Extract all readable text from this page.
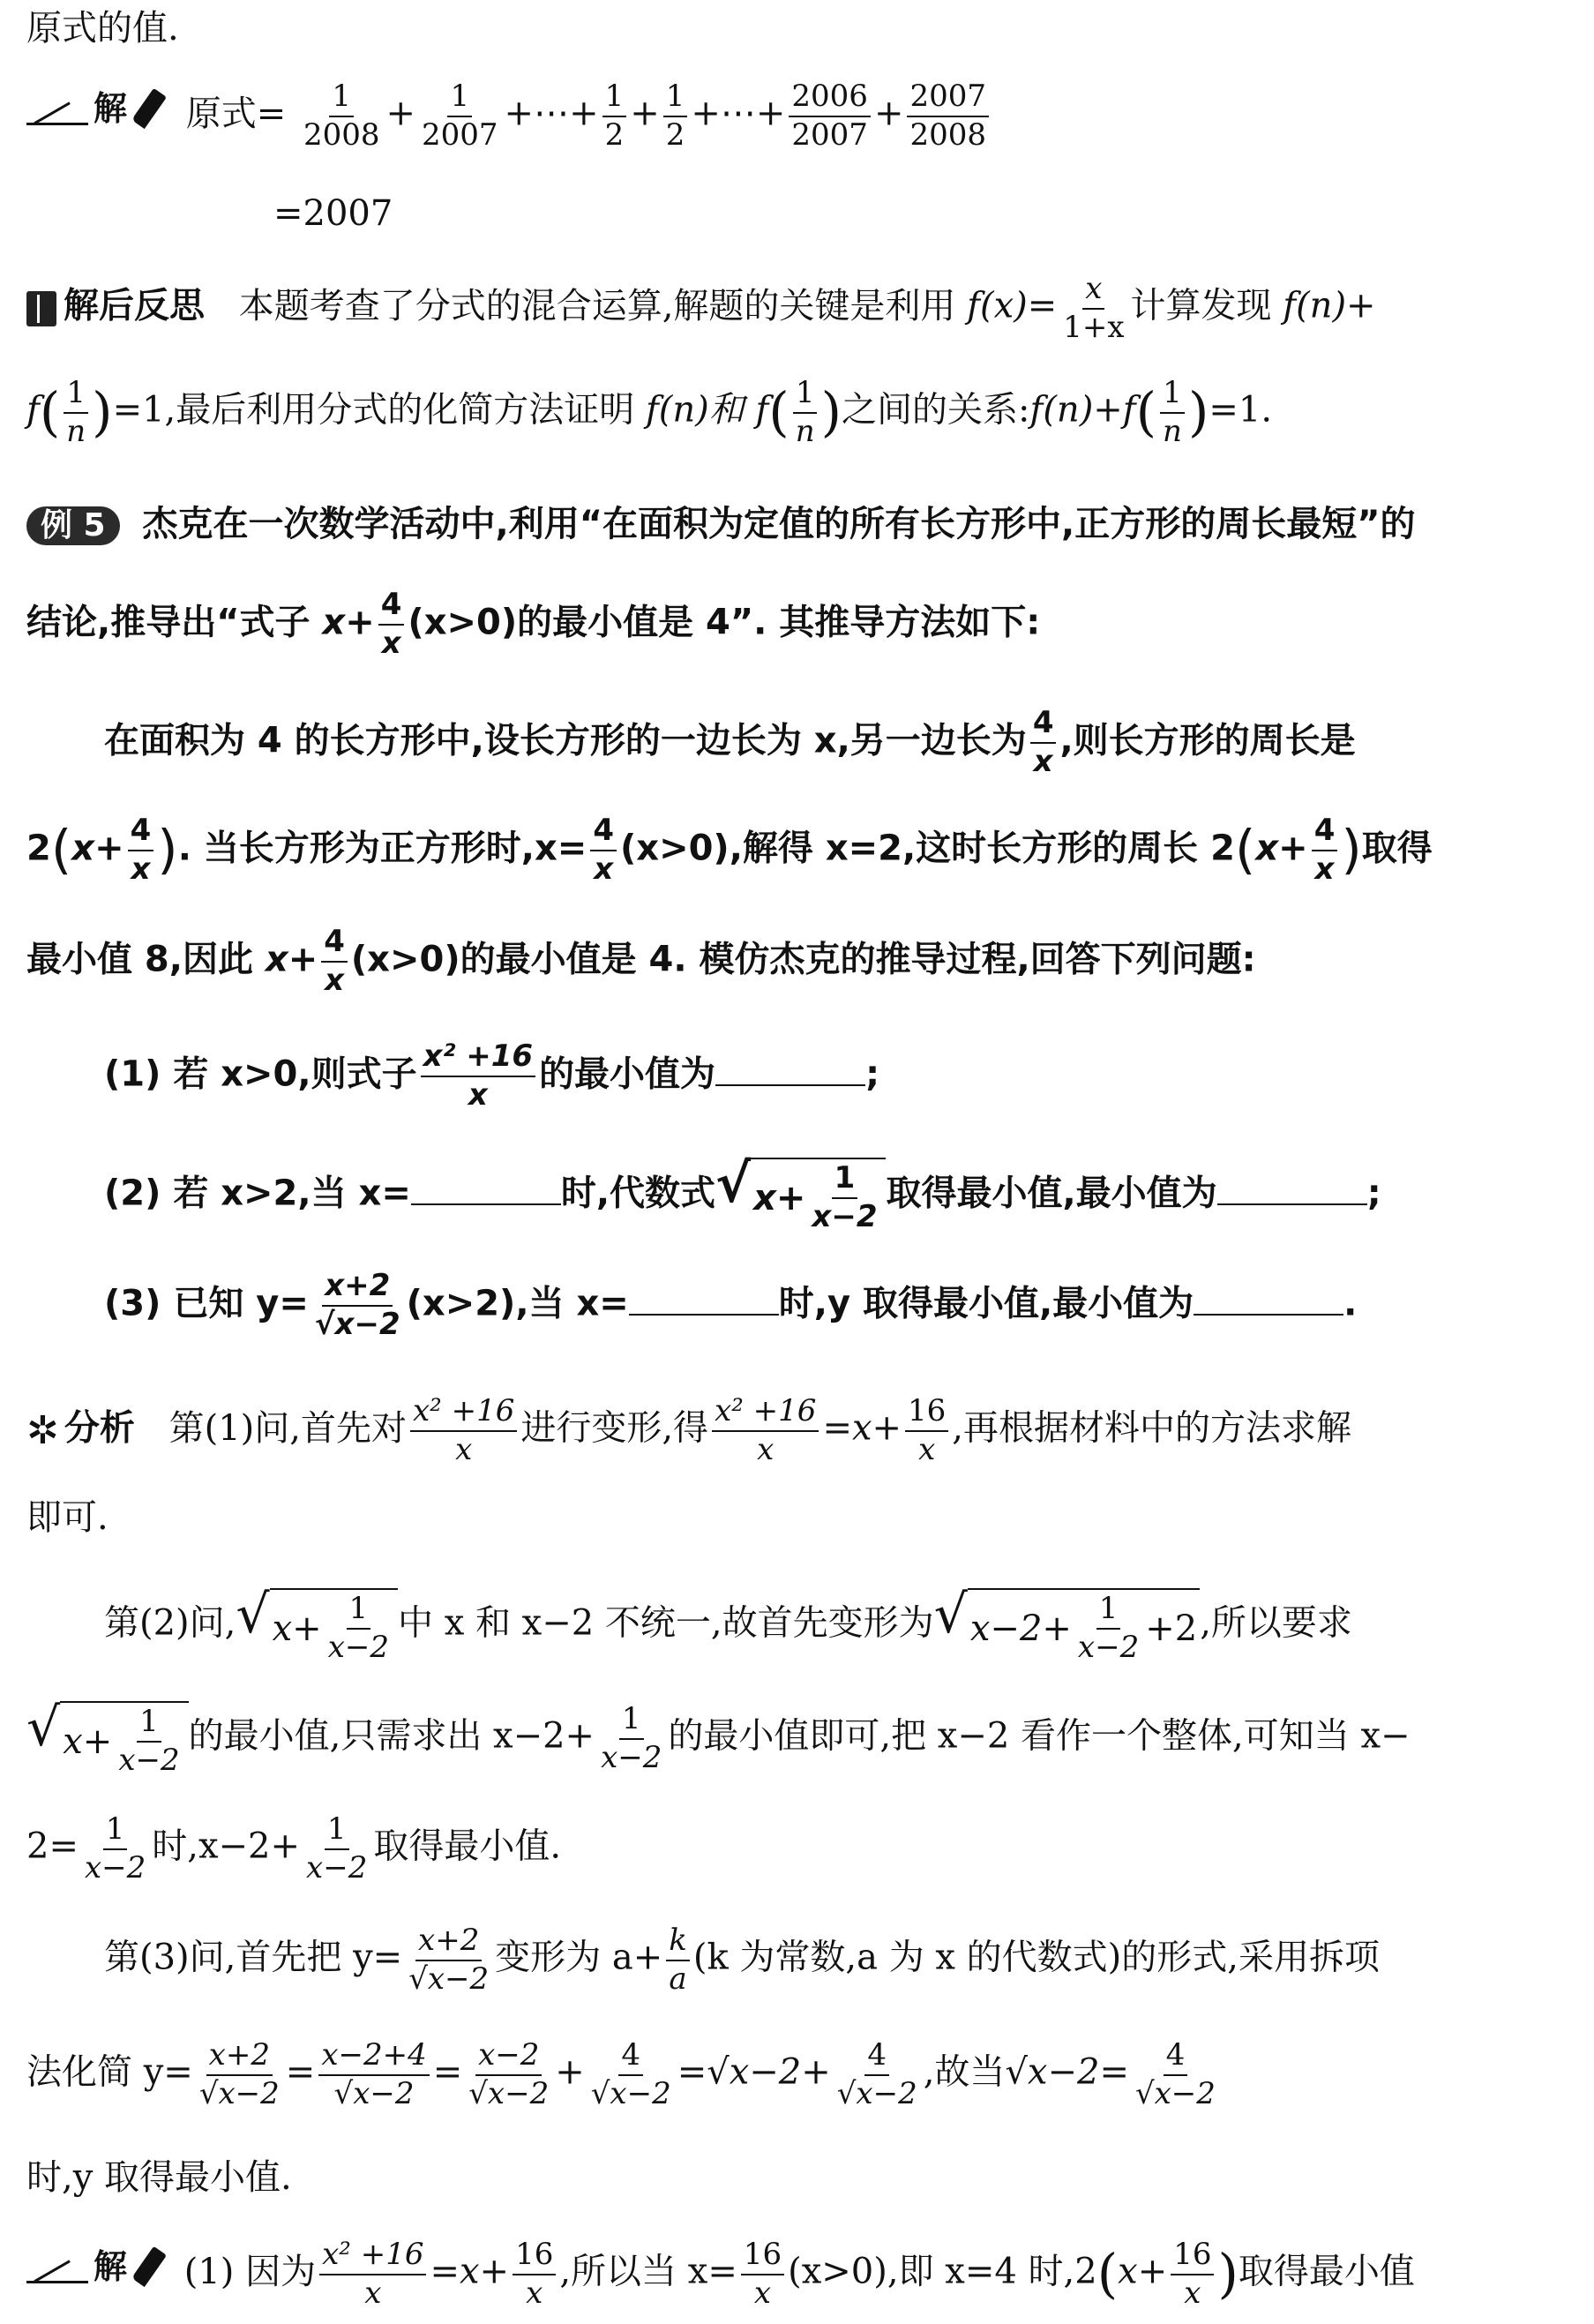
原式的值.
解 原式= $\frac{1}{2008} + \frac{1}{2007}$ +⋯+ $\frac{1}{2} + \frac{1}{2}$ +⋯+ $\frac{2006}{2007} + \frac{2007}{2008}$
=2007
解后反思 本题考查了分式的混合运算,解题的关键是利用 $f(x)= \frac{x}{1+x}$ 计算发现 f(n)+
$f( \frac{1}{n} )=1$,最后利用分式的化简方法证明 f(n)和 $f( \frac{1}{n}$ )之间的关系:f(n)+f( $\frac{1}{n} )=1$.
例 5 杰克在一次数学活动中,利用“在面积为定值的所有长方形中,正方形的周长最短”的
结论,推导出“式子 $x+ \frac{4}{x} (x>0)$的最小值是 4”. 其推导方法如下:
在面积为 4 的长方形中,设长方形的一边长为 x,另一边长为 $\frac{4}{x}$ ,则长方形的周长是
$2(x+ \frac{4}{x}$ ). 当长方形为正方形时$,x= \frac{4}{x} (x>0)$,解得 x=2,这时长方形的周长 $2(x+ \frac{4}{x}$ )取得
最小值 8,因此 $x+ \frac{4}{x} (x>0)$的最小值是 4. 模仿杰克的推导过程,回答下列问题:
(1) 若 x>0,则式子 $\frac{\text{x² +16}}{x}$ 的最小值为	;
(2) 若 x>2,当 x=	时,代数式 √ $x+ \frac{1}{x-2}$ 取得最小值,最小值为	;
(3) 已知 $y= \frac{x+2}{√x-2} (x>2)$,当 x=	时,y 取得最小值,最小值为	.
✲ 分析 第(1)问,首先对 $\frac{\text{x² +16}}{x}$ 进行变形,得 $\frac{\text{x² +16}}{x} =x+ \frac{16}{x}$ ,再根据材料中的方法求解
即可.
第(2)问, √ $x+ \frac{1}{x-2}$ 中 x 和 x−2 不统一,故首先变形为 √ $x-2+ \frac{1}{x-2} +2$ ,所以要求
√ $x+ \frac{1}{x-2}$ 的最小值,只需求出 $x-2+ \frac{1}{x-2}$ 的最小值即可,把 x−2 看作一个整体,可知当 x−
$2= \frac{1}{x-2}$ 时$,x-2+ \frac{1}{x-2}$ 取得最小值.
第(3)问,首先把 $y= \frac{x+2}{√x-2}$ 变形为 $a+ \frac{k}{a} (k$ 为常数,a 为 x 的代数式)的形式,采用拆项
法化简 $y= \frac{x+2}{√x-2} = \frac{x-2+4}{√x-2} = \frac{x-2}{√x-2} + \frac{4}{√x-2} =√x-2+ \frac{4}{√x-2}$ ,故当$√x-2= \frac{4}{√x-2}$
时,y 取得最小值.
解 (1) 因为 $\frac{\text{x² +16}}{x} =x+ \frac{16}{x}$ ,所以当 $x= \frac{16}{x} (x>0)$,即 x=4 时$,2(x+ \frac{16}{x}$ )取得最小值
